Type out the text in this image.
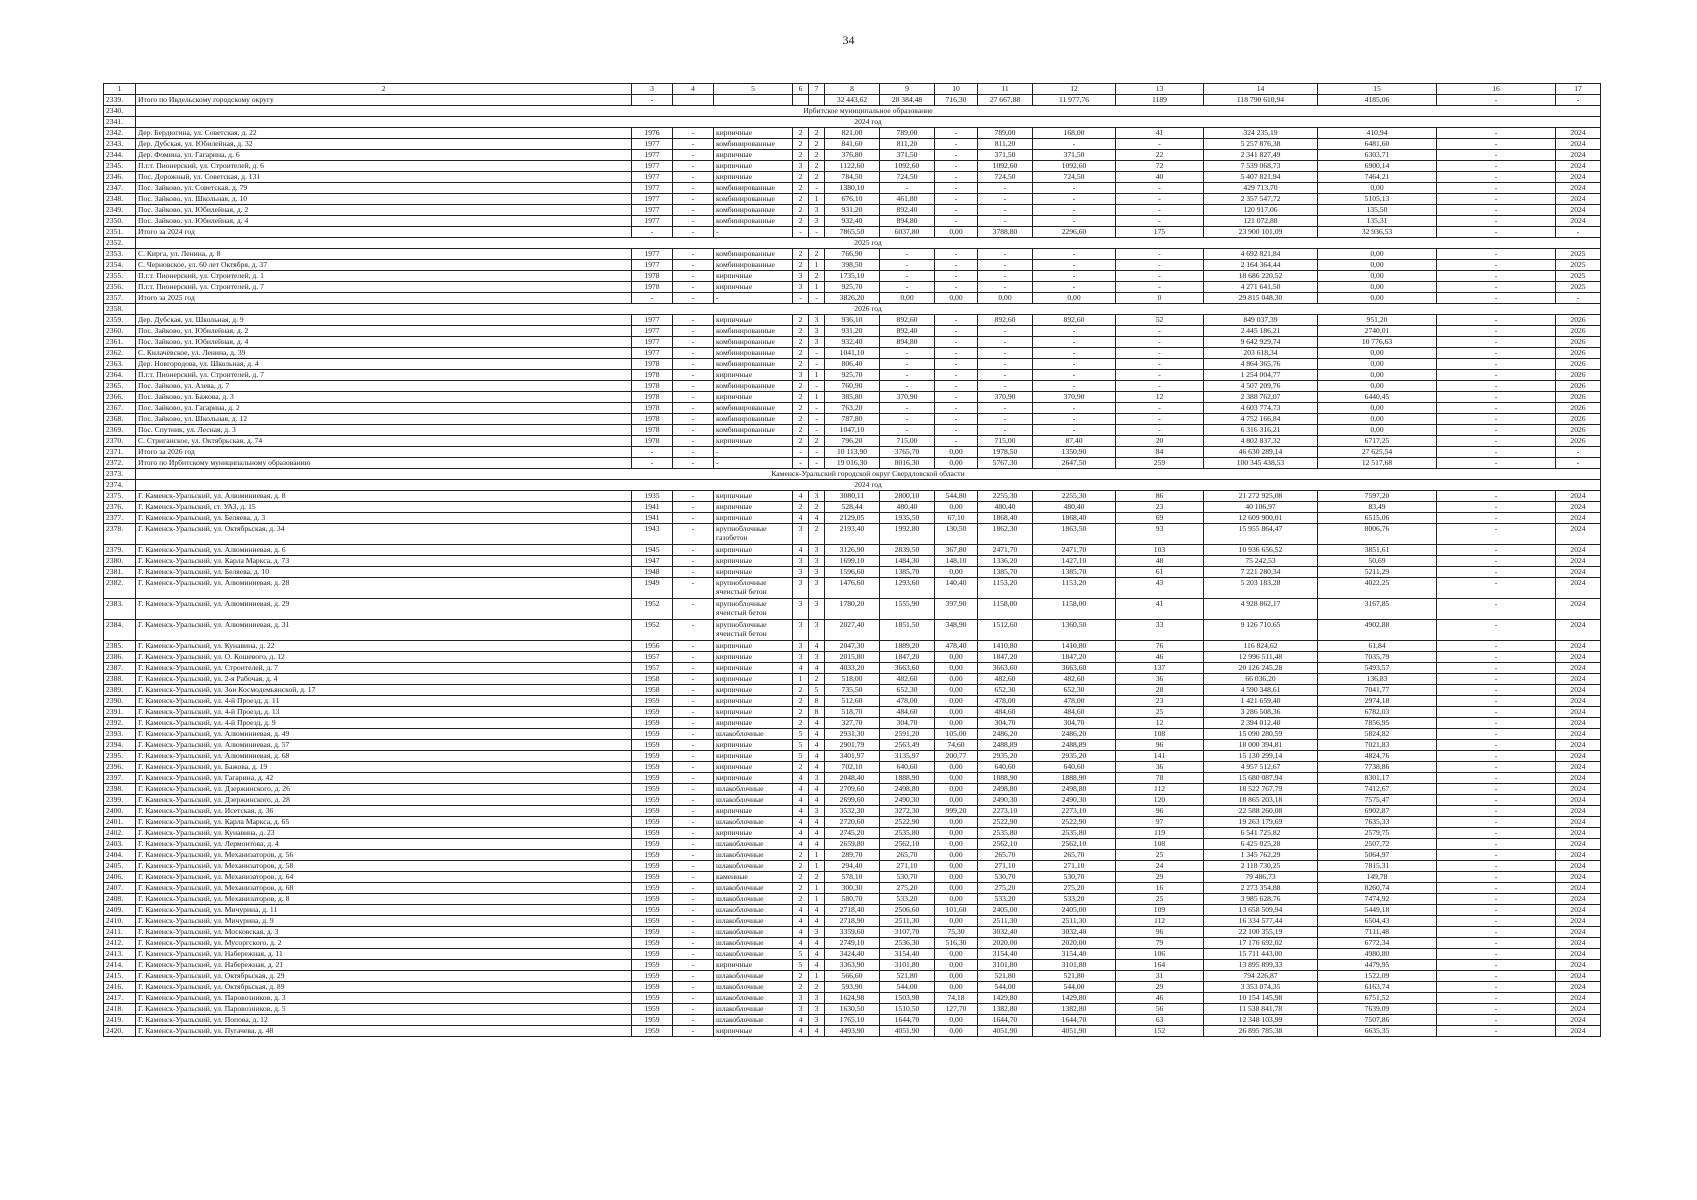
34
1	2	3	4	5	6	7	8	9	10	11	12	13	14	15	16	17
2339.	Итого по Ивдельскому городскому округу	-					32 443,62	28 384,48	716,30	27 667,88	11 977,76	1189	118 790 610,94	4185,06	-	-
2340.	Ирбитское муниципальное образование															
2341.	2024 год															
2342.	Дер. Бердюгина, ул. Советская, д. 22	1976	-	кирпичные	2	2	821,00	789,00	-	789,00	168,00	41	324 235,19	410,94	-	2024
2343.	Дер. Дубская, ул. Юбилейная, д. 32	1977	-	комбинированные	2	2	841,60	811,20	-	811,20	-	-	5 257 876,38	6481,60	-	2024
2344.	Дер. Фомина, ул. Гагарина, д. 6	1977	-	кирпичные	2	2	376,80	371,50	-	371,50	371,50	22	2 341 827,49	6303,71	-	2024
2345.	П.г.т. Пионерский, ул. Строителей, д. 6	1977	-	кирпичные	3	2	1122,60	1092,60	-	1092,60	1092,60	72	7 539 068,73	6900,14	-	2024
2346.	Пос. Дорожный, ул. Советская, д. 131	1977	-	кирпичные	2	2	784,50	724,50	-	724,50	724,50	40	5 407 821,94	7464,21	-	2024
2347.	Пос. Зайково, ул. Советская, д. 79	1977	-	комбинированные	2	-	1380,10	-	-	-	-	-	429 713,70	0,00	-	2024
2348.	Пос. Зайково, ул. Школьная, д. 10	1977	-	комбинированные	2	1	676,10	461,80	-	-	-	-	2 357 547,72	5105,13	-	2024
2349.	Пос. Зайково, ул. Юбилейная, д. 2	1977	-	комбинированные	2	3	931,20	892,40	-	-	-	-	120 917,06	135,50	-	2024
2350.	Пос. Зайково, ул. Юбилейная, д. 4	1977	-	комбинированные	2	3	932,40	894,80	-	-	-	-	121 072,88	135,31	-	2024
2351.	Итого за 2024 год	-	-	-	-	-	7865,50	6037,80	0,00	3788,80	2296,60	175	23 900 101,09	32 936,53	-	-
2352.	2025 год															
2353.	С. Кирга, ул. Ленина, д. 8	1977	-	комбинированные	2	2	766,90	-	-	-	-	-	4 692 821,84	0,00	-	2025
2354.	С. Черновское, ул. 60 лет Октября, д. 37	1977	-	комбинированные	2	1	398,50	-	-	-	-	-	2 164 364,44	0,00	-	2025
2355.	П.г.т. Пионерский, ул. Строителей, д. 1	1978	-	кирпичные	3	2	1735,10	-	-	-	-	-	18 686 220,52	0,00	-	2025
2356.	П.г.т. Пионерский, ул. Строителей, д. 7	1978	-	кирпичные	3	1	925,70	-	-	-	-	-	4 271 641,50	0,00	-	2025
2357.	Итого за 2025 год	-	-	-	-	-	3826,20	0,00	0,00	0,00	0,00	0	29 815 048,30	0,00	-	-
2358.	2026 год															
2359.	Дер. Дубская, ул. Школьная, д. 9	1977	-	кирпичные	2	3	936,10	892,60	-	892,60	892,60	52	849 037,39	951,20	-	2026
2360.	Пос. Зайково, ул. Юбилейная, д. 2	1977	-	комбинированные	2	3	931,20	892,40	-	-	-	-	2 445 186,21	2740,01	-	2026
2361.	Пос. Зайково, ул. Юбилейная, д. 4	1977	-	комбинированные	2	3	932,40	894,80	-	-	-	-	9 642 929,74	10 776,63	-	2026
2362.	С. Килачёвское, ул. Ленина, д. 39	1977	-	комбинированные	2	-	1041,10	-	-	-	-	-	203 618,34	0,00	-	2026
2363.	Дер. Новгородова, ул. Школьная, д. 4	1978	-	комбинированные	2	-	806,40	-	-	-	-	-	4 864 365,76	0,00	-	2026
2364.	П.г.т. Пионерский, ул. Строителей, д. 7	1978	-	кирпичные	3	1	925,70	-	-	-	-	-	1 254 004,77	0,00	-	2026
2365.	Пос. Зайково, ул. Азева, д. 7	1978	-	комбинированные	2	-	760,90	-	-	-	-	-	4 507 209,76	0,00	-	2026
2366.	Пос. Зайково, ул. Бажова, д. 3	1978	-	кирпичные	2	1	385,80	370,90	-	370,90	370,90	12	2 388 762,07	6440,45	-	2026
2367.	Пос. Зайково, ул. Гагарина, д. 2	1978	-	комбинированные	2	-	763,20	-	-	-	-	-	4 603 774,73	0,00	-	2026
2368.	Пос. Зайково, ул. Школьная, д. 12	1978	-	комбинированные	2	-	787,80	-	-	-	-	-	4 752 166,84	0,00	-	2026
2369.	Пос. Спутник, ул. Лесная, д. 3	1978	-	комбинированные	2	-	1047,10	-	-	-	-	-	6 316 316,21	0,00	-	2026
2370.	С. Стриганское, ул. Октябрьская, д. 74	1978	-	кирпичные	2	2	796,20	715,00	-	715,00	87,40	20	4 802 837,32	6717,25	-	2026
2371.	Итого за 2026 год	-	-	-	-	-	10 113,90	3765,70	0,00	1978,50	1350,90	84	46 630 289,14	27 625,54	-	-
2372.	Итого по Ирбитскому муниципальному образованию	-	-	-	-	-	19 016,30	8016,30	0,00	5767,30	2647,50	259	100 345 438,53	12 517,68	-	-
2373.	Каменск-Уральский городской округ Свердловской области															
2374.	2024 год															
2375.	Г. Каменск-Уральский, ул. Алюминиевая, д. 8	1935	-	кирпичные	4	3	3080,11	2800,10	544,80	2255,30	2255,30	86	21 272 925,08	7597,20	-	2024
2376.	Г. Каменск-Уральский, ст. УАЗ, д. 15	1941	-	кирпичные	2	2	528,44	480,40	0,00	480,40	480,40	23	40 106,97	83,49	-	2024
2377.	Г. Каменск-Уральский, ул. Беляева, д. 3	1941	-	кирпичные	4	4	2129,05	1935,50	67,10	1868,40	1868,40	69	12 609 900,01	6515,06	-	2024
2378.	Г. Каменск-Уральский, ул. Октябрьская, д. 34	1943	-	крупноблочные газобетон	3	2	2193,40	1992,80	130,50	1862,30	1863,50	93	15 955 864,47	8006,76	-	2024
2379.	Г. Каменск-Уральский, ул. Алюминиевая, д. 6	1945	-	кирпичные	4	3	3126,90	2839,50	367,80	2471,70	2471,70	103	10 936 656,52	3851,61	-	2024
2380.	Г. Каменск-Уральский, ул. Карла Маркса, д. 73	1947	-	кирпичные	3	3	1699,10	1484,30	148,10	1336,20	1427,10	48	75 242,53	50,69	-	2024
2381.	Г. Каменск-Уральский, ул. Беляева, д. 10	1948	-	кирпичные	3	3	1596,60	1385,70	0,00	1385,70	1385,70	61	7 221 280,34	5211,29	-	2024
2382.	Г. Каменск-Уральский, ул. Алюминиевая, д. 28	1949	-	крупноблочные ячеистый бетон	3	3	1476,60	1293,60	140,40	1153,20	1153,20	43	5 203 183,28	4022,25	-	2024
2383.	Г. Каменск-Уральский, ул. Алюминиевая, д. 29	1952	-	крупноблочные ячеистый бетон	3	3	1780,20	1555,90	397,90	1158,00	1158,00	41	4 928 862,17	3167,85	-	2024
2384.	Г. Каменск-Уральский, ул. Алюминиевая, д. 31	1952	-	крупноблочные ячеистый бетон	3	3	2027,40	1851,50	348,90	1512,60	1360,50	33	9 126 710,65	4902,88	-	2024
2385.	Г. Каменск-Уральский, ул. Кунавина, д. 22	1956	-	кирпичные	3	4	2047,30	1889,20	478,40	1410,80	1410,80	76	116 824,62	61,84	-	2024
2386.	Г. Каменск-Уральский, ул. О. Кошевого, д. 12	1957	-	кирпичные	3	3	2015,80	1847,20	0,00	1847,20	1847,20	46	12 996 511,48	7035,79	-	2024
2387.	Г. Каменск-Уральский, ул. Строителей, д. 7	1957	-	кирпичные	4	4	4033,20	3663,60	0,00	3663,60	3663,60	137	20 126 245,28	5493,57	-	2024
2388.	Г. Каменск-Уральский, ул. 2-я Рабочая, д. 4	1958	-	кирпичные	1	2	518,00	482,60	0,00	482,60	482,60	36	66 036,20	136,83	-	2024
2389.	Г. Каменск-Уральский, ул. Зои Космодемьянской, д. 17	1958	-	кирпичные	2	5	735,50	652,30	0,00	652,30	652,30	28	4 590 348,61	7041,77	-	2024
2390.	Г. Каменск-Уральский, ул. 4-й Проезд, д. 11	1959	-	кирпичные	2	8	512,60	478,00	0,00	478,00	478,00	23	1 421 659,40	2974,18	-	2024
2391.	Г. Каменск-Уральский, ул. 4-й Проезд, д. 13	1959	-	кирпичные	2	8	518,70	484,60	0,00	484,60	484,60	25	3 286 508,36	6782,03	-	2024
2392.	Г. Каменск-Уральский, ул. 4-й Проезд, д. 9	1959	-	кирпичные	2	4	327,70	304,70	0,00	304,70	304,70	12	2 394 012,40	7856,95	-	2024
2393.	Г. Каменск-Уральский, ул. Алюминиевая, д. 49	1959	-	шлакоблочные	5	4	2931,30	2591,20	105,00	2486,20	2486,20	108	15 090 280,59	5824,82	-	2024
2394.	Г. Каменск-Уральский, ул. Алюминиевая, д. 57	1959	-	кирпичные	5	4	2901,79	2563,49	74,60	2488,89	2488,89	96	18 000 394,81	7021,83	-	2024
2395.	Г. Каменск-Уральский, ул. Алюминиевая, д. 68	1959	-	кирпичные	5	4	3401,97	3135,97	200,77	2935,20	2935,20	141	15 130 299,14	4824,76	-	2024
2396.	Г. Каменск-Уральский, ул. Бажова, д. 19	1959	-	кирпичные	2	4	702,10	640,60	0,00	640,60	640,60	36	4 957 512,67	7738,86	-	2024
2397.	Г. Каменск-Уральский, ул. Гагарина, д. 42	1959	-	кирпичные	4	3	2048,40	1888,90	0,00	1888,90	1888,90	78	15 680 087,94	8301,17	-	2024
2398.	Г. Каменск-Уральский, ул. Дзержинского, д. 26	1959	-	шлакоблочные	4	4	2709,60	2498,80	0,00	2498,80	2498,80	112	18 522 767,79	7412,67	-	2024
2399.	Г. Каменск-Уральский, ул. Дзержинского, д. 28	1959	-	шлакоблочные	4	4	2699,60	2490,30	0,00	2490,30	2490,30	120	18 865 203,18	7575,47	-	2024
2400.	Г. Каменск-Уральский, ул. Исетская, д. 36	1959	-	кирпичные	4	3	3532,30	3272,30	999,20	2273,10	2273,10	96	22 588 260,08	6902,87	-	2024
2401.	Г. Каменск-Уральский, ул. Карла Маркса, д. 65	1959	-	шлакоблочные	4	4	2720,60	2522,90	0,00	2522,90	2522,90	97	19 263 179,69	7635,33	-	2024
2402.	Г. Каменск-Уральский, ул. Кунавина, д. 23	1959	-	кирпичные	4	4	2745,20	2535,80	0,00	2535,80	2535,80	119	6 541 725,82	2579,75	-	2024
2403.	Г. Каменск-Уральский, ул. Лермонтова, д. 4	1959	-	шлакоблочные	4	4	2659,80	2562,10	0,00	2562,10	2562,10	108	6 425 025,28	2507,72	-	2024
2404.	Г. Каменск-Уральский, ул. Механизаторов, д. 56	1959	-	шлакоблочные	2	1	289,70	265,70	0,00	265,70	265,70	25	1 345 762,29	5064,97	-	2024
2405.	Г. Каменск-Уральский, ул. Механизаторов, д. 58	1959	-	шлакоблочные	2	1	294,40	271,10	0,00	271,10	271,10	24	2 118 730,25	7815,31	-	2024
2406.	Г. Каменск-Уральский, ул. Механизаторов, д. 64	1959	-	каменные	2	2	578,10	530,70	0,00	530,70	530,70	29	79 486,73	149,78	-	2024
2407.	Г. Каменск-Уральский, ул. Механизаторов, д. 68	1959	-	шлакоблочные	2	1	300,30	275,20	0,00	275,20	275,20	16	2 273 354,88	8260,74	-	2024
2408.	Г. Каменск-Уральский, ул. Механизаторов, д. 8	1959	-	шлакоблочные	2	1	580,70	533,20	0,00	533,20	533,20	25	3 985 628,76	7474,92	-	2024
2409.	Г. Каменск-Уральский, ул. Мичурина, д. 11	1959	-	шлакоблочные	4	4	2718,40	2506,60	101,60	2405,00	2405,00	109	13 658 509,94	5449,18	-	2024
2410.	Г. Каменск-Уральский, ул. Мичурина, д. 9	1959	-	шлакоблочные	4	4	2718,90	2511,30	0,00	2511,30	2511,30	112	16 334 577,44	6504,43	-	2024
2411.	Г. Каменск-Уральский, ул. Московская, д. 3	1959	-	шлакоблочные	4	3	3359,60	3107,70	75,30	3032,40	3032,40	96	22 100 355,19	7111,48	-	2024
2412.	Г. Каменск-Уральский, ул. Мусоргского, д. 2	1959	-	шлакоблочные	4	4	2749,10	2536,30	516,30	2020,00	2020,00	79	17 176 692,02	6772,34	-	2024
2413.	Г. Каменск-Уральский, ул. Набережная, д. 11	1959	-	шлакоблочные	5	4	3424,40	3154,40	0,00	3154,40	3154,40	106	15 711 443,00	4980,80	-	2024
2414.	Г. Каменск-Уральский, ул. Набережная, д. 21	1959	-	кирпичные	5	4	3363,90	3101,80	0,00	3101,80	3101,80	164	13 895 899,33	4479,95	-	2024
2415.	Г. Каменск-Уральский, ул. Октябрьская, д. 29	1959	-	шлакоблочные	2	1	566,60	521,80	0,00	521,80	521,80	31	794 226,87	1522,09	-	2024
2416.	Г. Каменск-Уральский, ул. Октябрьская, д. 89	1959	-	шлакоблочные	2	2	593,90	544,00	0,00	544,00	544,00	29	3 353 074,35	6163,74	-	2024
2417.	Г. Каменск-Уральский, ул. Паровозников, д. 3	1959	-	шлакоблочные	3	3	1624,98	1503,98	74,18	1429,80	1429,80	46	10 154 145,98	6751,52	-	2024
2418.	Г. Каменск-Уральский, ул. Паровозников, д. 5	1959	-	шлакоблочные	3	3	1630,50	1510,50	127,70	1382,80	1382,80	56	11 538 841,78	7639,09	-	2024
2419.	Г. Каменск-Уральский, ул. Попова, д. 12	1959	-	шлакоблочные	4	3	1765,10	1644,70	0,00	1644,70	1644,70	63	12 348 103,99	7507,86	-	2024
2420.	Г. Каменск-Уральский, ул. Пугачева, д. 48	1959	-	кирпичные	4	4	4493,90	4051,90	0,00	4051,90	4051,90	152	26 895 785,38	6635,35	-	2024
